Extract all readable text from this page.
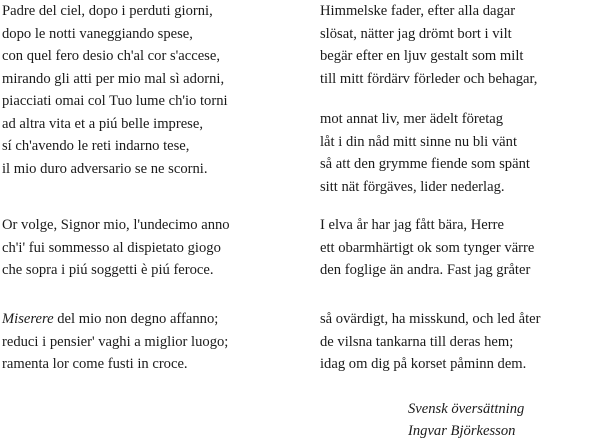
Padre del ciel, dopo i perduti giorni,
dopo le notti vaneggiando spese,
con quel fero desio ch'al cor s'accese,
mirando gli atti per mio mal sì adorni,
piacciati omai col Tuo lume ch'io torni
ad altra vita et a piú belle imprese,
sí ch'avendo le reti indarno tese,
il mio duro adversario se ne scorni.
Or volge, Signor mio, l'undecimo anno
ch'i' fui sommesso al dispietato giogo
che sopra i piú soggetti è piú feroce.
Miserere del mio non degno affanno;
reduci i pensier' vaghi a miglior luogo;
ramenta lor come fusti in croce.
Himmelske fader, efter alla dagar
slösat, nätter jag drömt bort i vilt
begär efter en ljuv gestalt som milt
till mitt fördärv förleder och behagar,
mot annat liv, mer ädelt företag
låt i din nåd mitt sinne nu bli vänt
så att den grymme fiende som spänt
sitt nät förgäves, lider nederlag.
I elva år har jag fått bära, Herre
ett obarmhärtigt ok som tynger värre
den foglige än andra. Fast jag gråter
så ovärdigt, ha misskund, och led åter
de vilsna tankarna till deras hem;
idag om dig på korset påminn dem.
Svensk översättning
Ingvar Björkesson
